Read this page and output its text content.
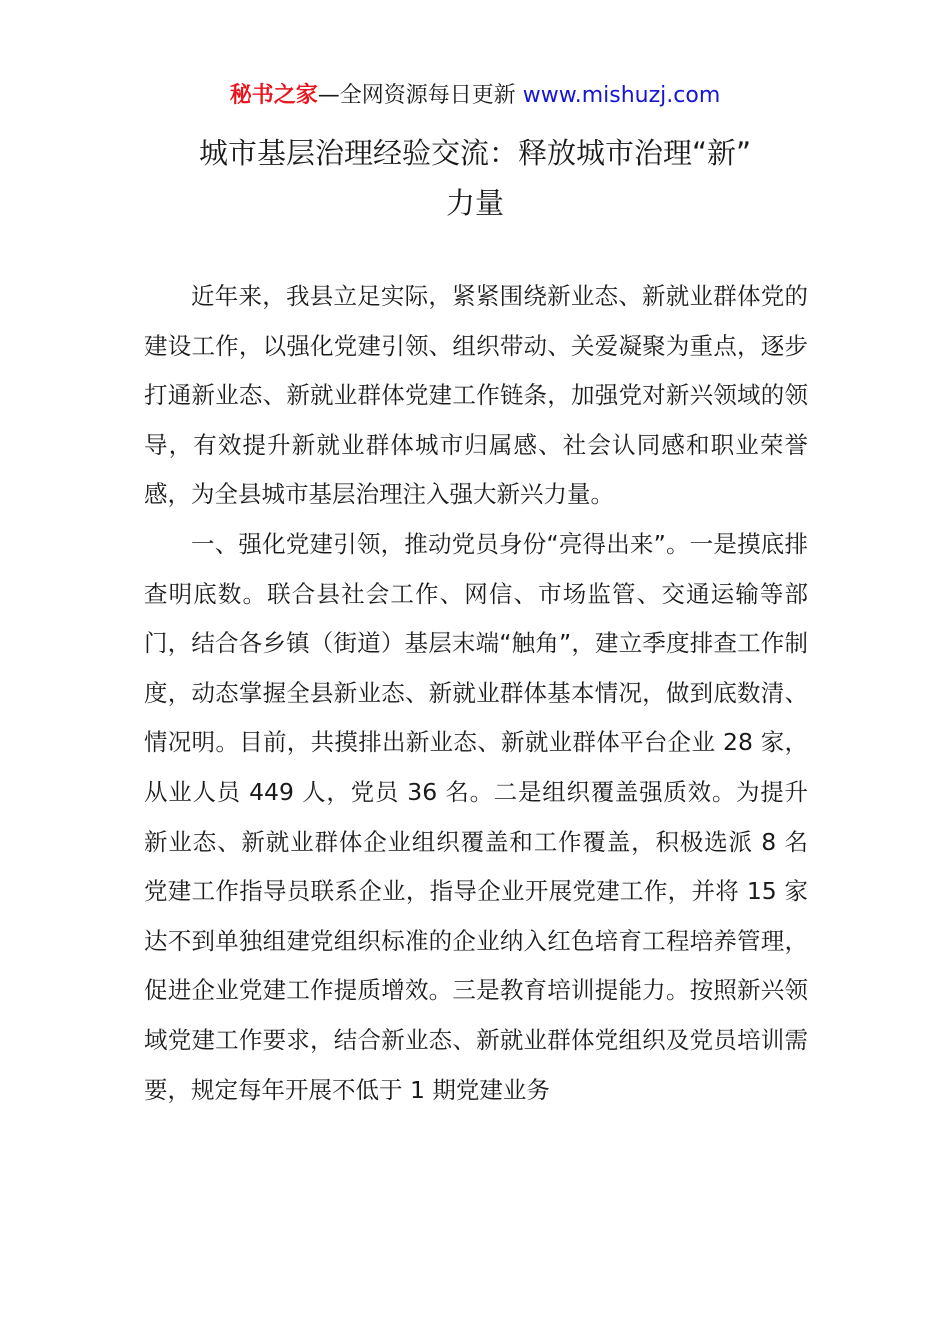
秘书之家—全网资源每日更新 www.mishuzj.com
城市基层治理经验交流：释放城市治理“新”
力量

近年来，我县立足实际，紧紧围绕新业态、新就业群体党的建设工作，以强化党建引领、组织带动、关爱凝聚为重点，逐步打通新业态、新就业群体党建工作链条，加强党对新兴领域的领导，有效提升新就业群体城市归属感、社会认同感和职业荣誉感，为全县城市基层治理注入强大新兴力量。

一、强化党建引领，推动党员身份“亮得出来”。一是摸底排查明底数。联合县社会工作、网信、市场监管、交通运输等部门，结合各乡镇（街道）基层末端“触角”，建立季度排查工作制度，动态掌握全县新业态、新就业群体基本情况，做到底数清、情况明。目前，共摸排出新业态、新就业群体平台企业 28 家，从业人员 449 人，党员 36 名。二是组织覆盖强质效。为提升新业态、新就业群体企业组织覆盖和工作覆盖，积极选派 8 名党建工作指导员联系企业，指导企业开展党建工作，并将 15 家达不到单独组建党组织标准的企业纳入红色培育工程培养管理，促进企业党建工作提质增效。三是教育培训提能力。按照新兴领域党建工作要求，结合新业态、新就业群体党组织及党员培训需要，规定每年开展不低于 1 期党建业务
